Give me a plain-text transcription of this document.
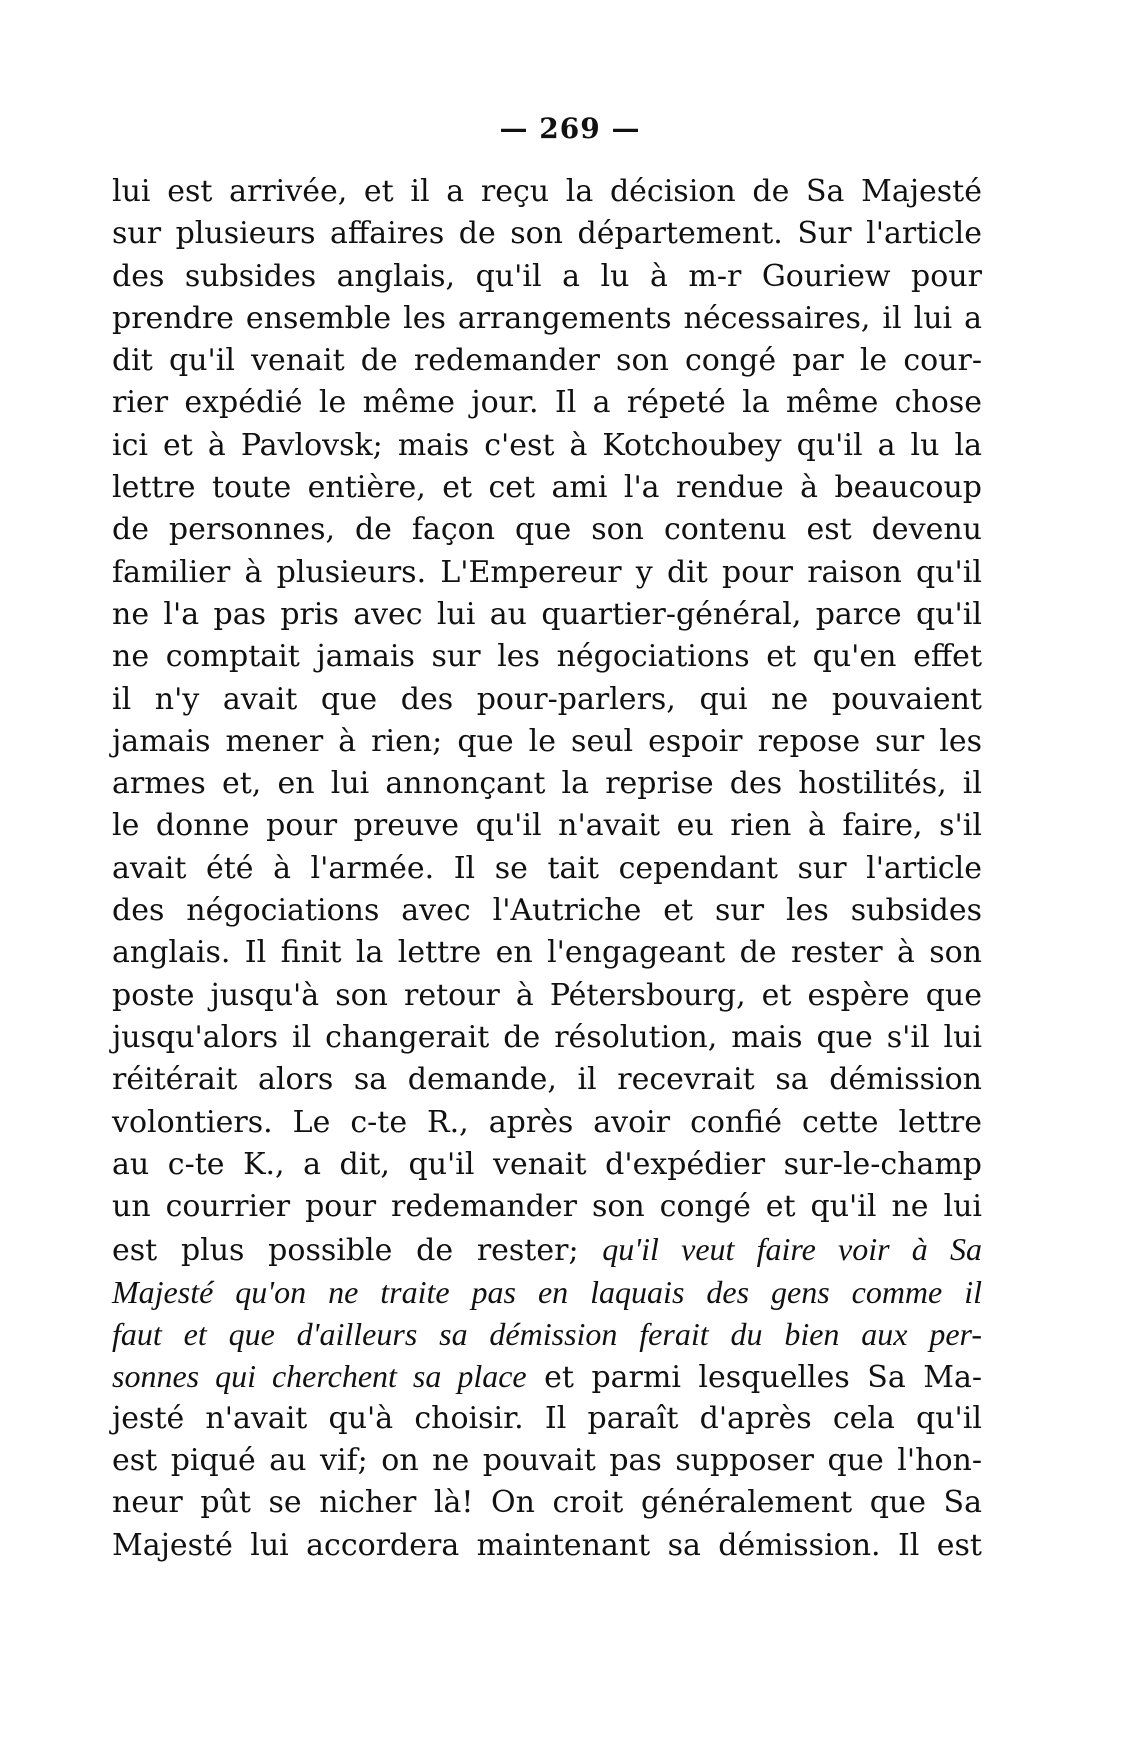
— 269 —
lui est arrivée, et il a reçu la décision de Sa Majesté
sur plusieurs affaires de son département. Sur l'article
des subsides anglais, qu'il a lu à m-r Gouriew pour
prendre ensemble les arrangements nécessaires, il lui a
dit qu'il venait de redemander son congé par le cour-
rier expédié le même jour. Il a répeté la même chose
ici et à Pavlovsk; mais c'est à Kotchoubey qu'il a lu la
lettre toute entière, et cet ami l'a rendue à beaucoup
de personnes, de façon que son contenu est devenu
familier à plusieurs. L'Empereur y dit pour raison qu'il
ne l'a pas pris avec lui au quartier-général, parce qu'il
ne comptait jamais sur les négociations et qu'en effet
il n'y avait que des pour-parlers, qui ne pouvaient
jamais mener à rien; que le seul espoir repose sur les
armes et, en lui annonçant la reprise des hostilités, il
le donne pour preuve qu'il n'avait eu rien à faire, s'il
avait été à l'armée. Il se tait cependant sur l'article
des négociations avec l'Autriche et sur les subsides
anglais. Il finit la lettre en l'engageant de rester à son
poste jusqu'à son retour à Pétersbourg, et espère que
jusqu'alors il changerait de résolution, mais que s'il lui
réitérait alors sa demande, il recevrait sa démission
volontiers. Le c-te R., après avoir confié cette lettre
au c-te K., a dit, qu'il venait d'expédier sur-le-champ
un courrier pour redemander son congé et qu'il ne lui
est plus possible de rester; qu'il veut faire voir à Sa
Majesté qu'on ne traite pas en laquais des gens comme il
faut et que d'ailleurs sa démission ferait du bien aux per-
sonnes qui cherchent sa place et parmi lesquelles Sa Ma-
jesté n'avait qu'à choisir. Il paraît d'après cela qu'il
est piqué au vif; on ne pouvait pas supposer que l'hon-
neur pût se nicher là! On croit généralement que Sa
Majesté lui accordera maintenant sa démission. Il est
